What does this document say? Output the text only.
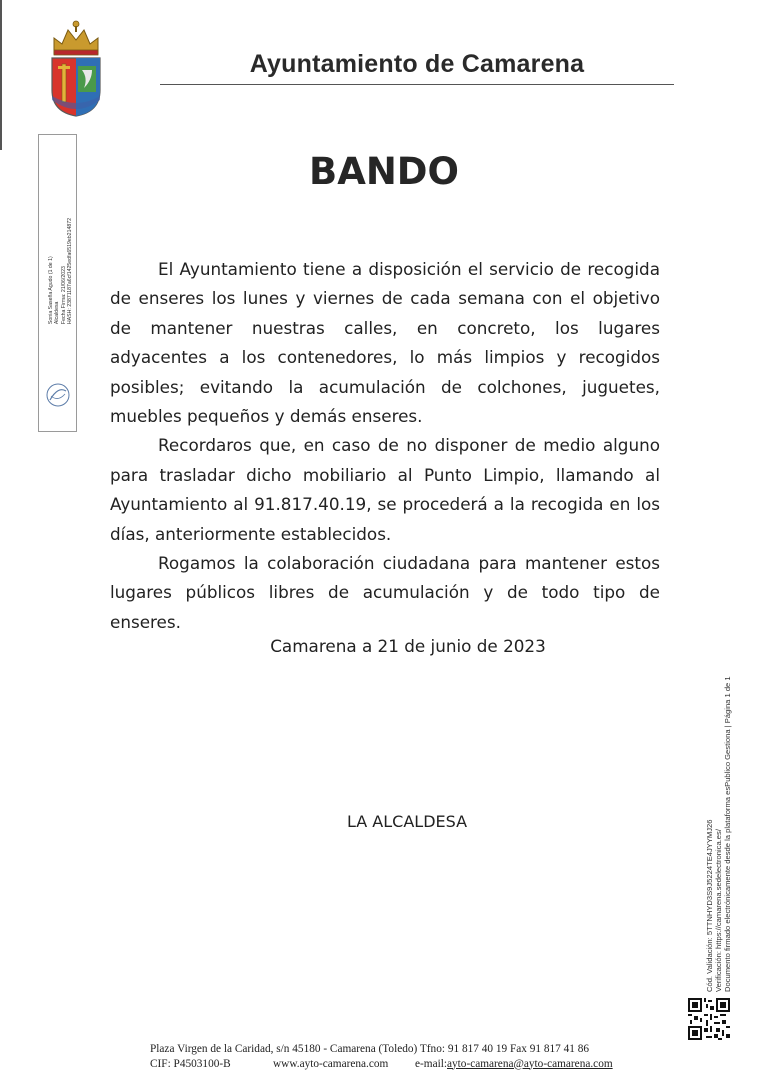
Ayuntamiento de Camarena
Sonia Saseña Agudo (1 de 1) Alcaldesa Fecha Firma: 21/06/2023 HASH: 23871187a6cf1425edfa6519eb214872
BANDO

El Ayuntamiento tiene a disposición el servicio de recogida de enseres los lunes y viernes de cada semana con el objetivo de mantener nuestras calles, en concreto, los lugares adyacentes a los contenedores, lo más limpios y recogidos posibles; evitando la acumulación de colchones, juguetes, muebles pequeños y demás enseres.

Recordaros que, en caso de no disponer de medio alguno para trasladar dicho mobiliario al Punto Limpio, llamando al Ayuntamiento al 91.817.40.19, se procederá a la recogida en los días, anteriormente establecidos.

Rogamos la colaboración ciudadana para mantener estos lugares públicos libres de acumulación y de todo tipo de enseres.

Camarena a 21 de junio de 2023
LA ALCALDESA	Cód. Validación: 5TTNHYD3S9J5224TE4JYYMJ26 Verificación: https://camarena.sedelectronica.es/ Documento firmado electrónicamente desde la plataforma esPublico Gestiona | Página 1 de 1
Plaza Virgen de la Caridad, s/n 45180 - Camarena (Toledo) Tfno: 91 817 40 19 Fax 91 817 41 86
CIF: P4503100-B	www.ayto-camarena.com e-mail:ayto-camarena@ayto-camarena.com
